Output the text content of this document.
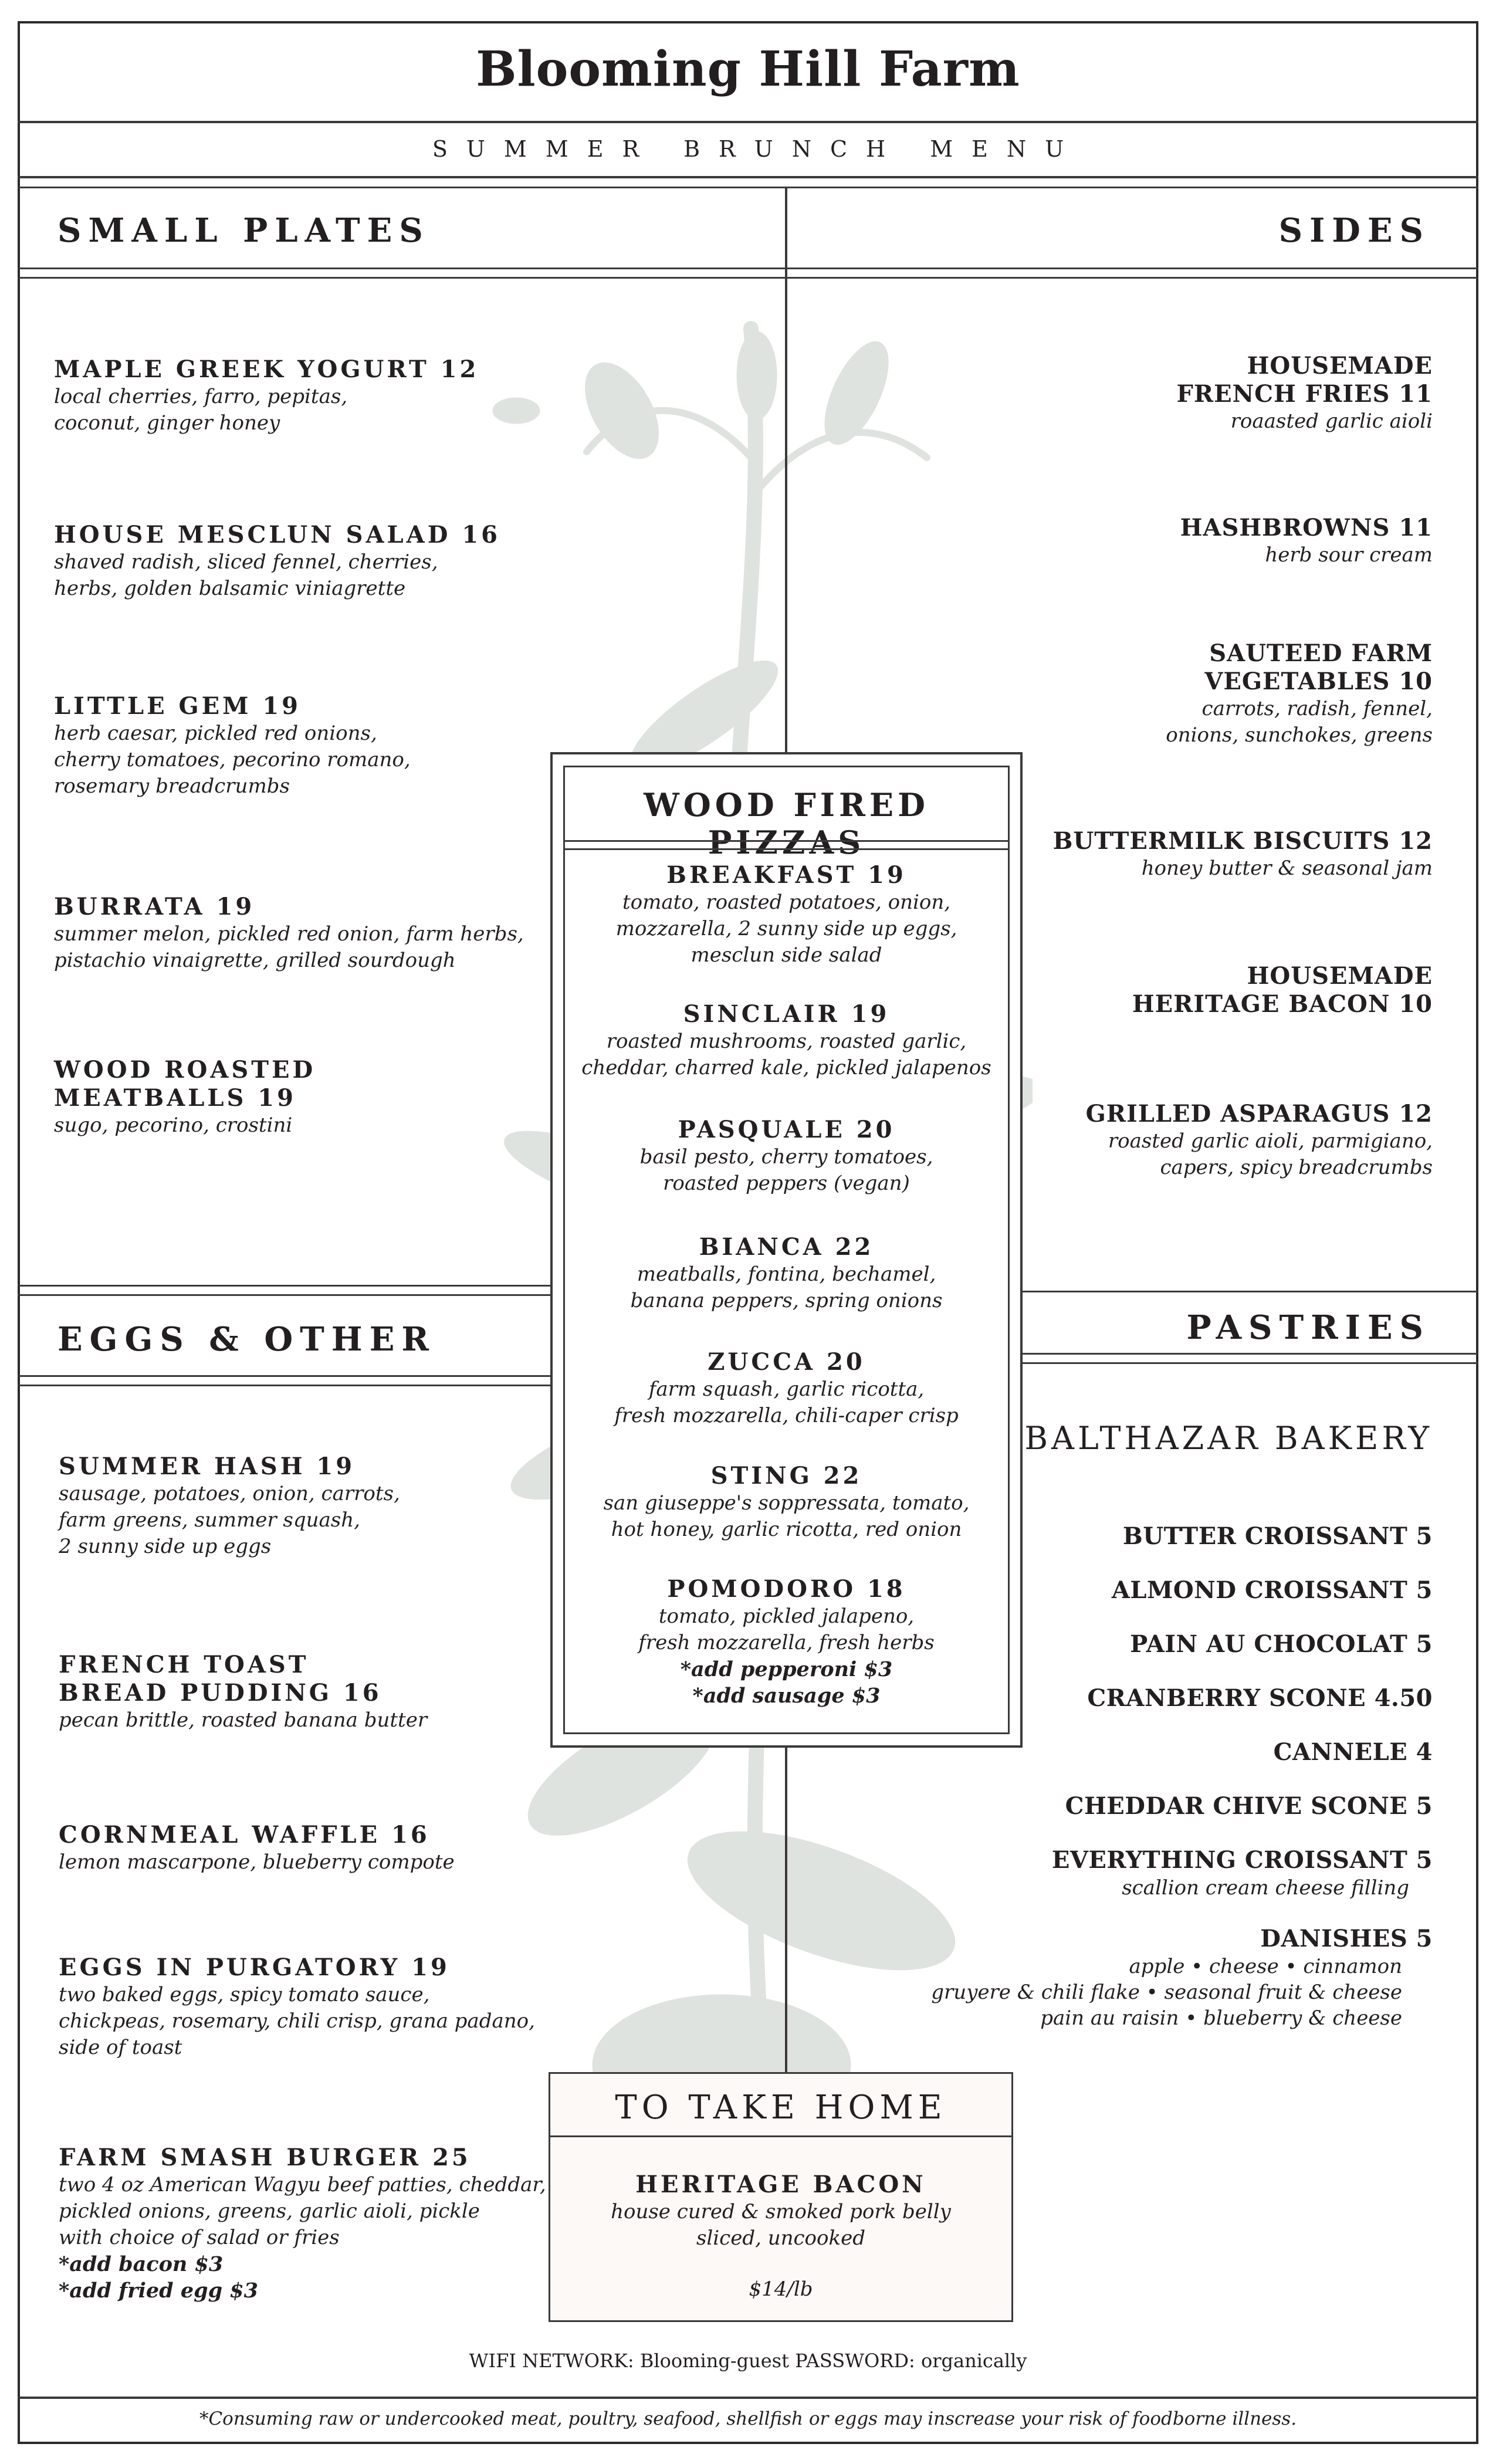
Blooming Hill Farm
SUMMER BRUNCH MENU
SMALL PLATES	SIDES
MAPLE GREEK YOGURT 12
local cherries, farro, pepitas,
coconut, ginger honey
HOUSE MESCLUN SALAD 16
shaved radish, sliced fennel, cherries,
herbs, golden balsamic viniagrette
LITTLE GEM 19
herb caesar, pickled red onions,
cherry tomatoes, pecorino romano,
rosemary breadcrumbs
BURRATA 19
summer melon, pickled red onion, farm herbs,
pistachio vinaigrette, grilled sourdough
WOOD ROASTED
MEATBALLS 19
sugo, pecorino, crostini
HOUSEMADE
FRENCH FRIES 11
roaasted garlic aioli
HASHBROWNS 11
herb sour cream
SAUTEED FARM
VEGETABLES 10
carrots, radish, fennel,
onions, sunchokes, greens
BUTTERMILK BISCUITS 12
honey butter & seasonal jam
HOUSEMADE
HERITAGE BACON 10
GRILLED ASPARAGUS 12
roasted garlic aioli, parmigiano,
capers, spicy breadcrumbs
EGGS & OTHER	PASTRIES
WOOD FIRED PIZZAS
BREAKFAST 19
tomato, roasted potatoes, onion,
mozzarella, 2 sunny side up eggs,
mesclun side salad
SINCLAIR 19
roasted mushrooms, roasted garlic,
cheddar, charred kale, pickled jalapenos
PASQUALE 20
basil pesto, cherry tomatoes,
roasted peppers (vegan)
BIANCA 22
meatballs, fontina, bechamel,
banana peppers, spring onions
ZUCCA 20
farm squash, garlic ricotta,
fresh mozzarella, chili-caper crisp
STING 22
san giuseppe's soppressata, tomato,
hot honey, garlic ricotta, red onion
POMODORO 18
tomato, pickled jalapeno,
fresh mozzarella, fresh herbs
*add pepperoni $3
*add sausage $3
SUMMER HASH 19
sausage, potatoes, onion, carrots,
farm greens, summer squash,
2 sunny side up eggs
FRENCH TOAST
BREAD PUDDING 16
pecan brittle, roasted banana butter
CORNMEAL WAFFLE 16
lemon mascarpone, blueberry compote
EGGS IN PURGATORY 19
two baked eggs, spicy tomato sauce,
chickpeas, rosemary, chili crisp, grana padano,
side of toast
FARM SMASH BURGER 25
two 4 oz American Wagyu beef patties, cheddar,
pickled onions, greens, garlic aioli, pickle
with choice of salad or fries
*add bacon $3
*add fried egg $3
BALTHAZAR BAKERY
BUTTER CROISSANT 5
ALMOND CROISSANT 5
PAIN AU CHOCOLAT 5
CRANBERRY SCONE 4.50
CANNELE 4
CHEDDAR CHIVE SCONE 5
EVERYTHING CROISSANT 5
scallion cream cheese filling
DANISHES 5
apple • cheese • cinnamon
gruyere & chili flake • seasonal fruit & cheese
pain au raisin • blueberry & cheese
TO TAKE HOME
HERITAGE BACON
house cured & smoked pork belly
sliced, uncooked
$14/lb
WIFI NETWORK: Blooming-guest PASSWORD: organically
*Consuming raw or undercooked meat, poultry, seafood, shellfish or eggs may inscrease your risk of foodborne illness.
